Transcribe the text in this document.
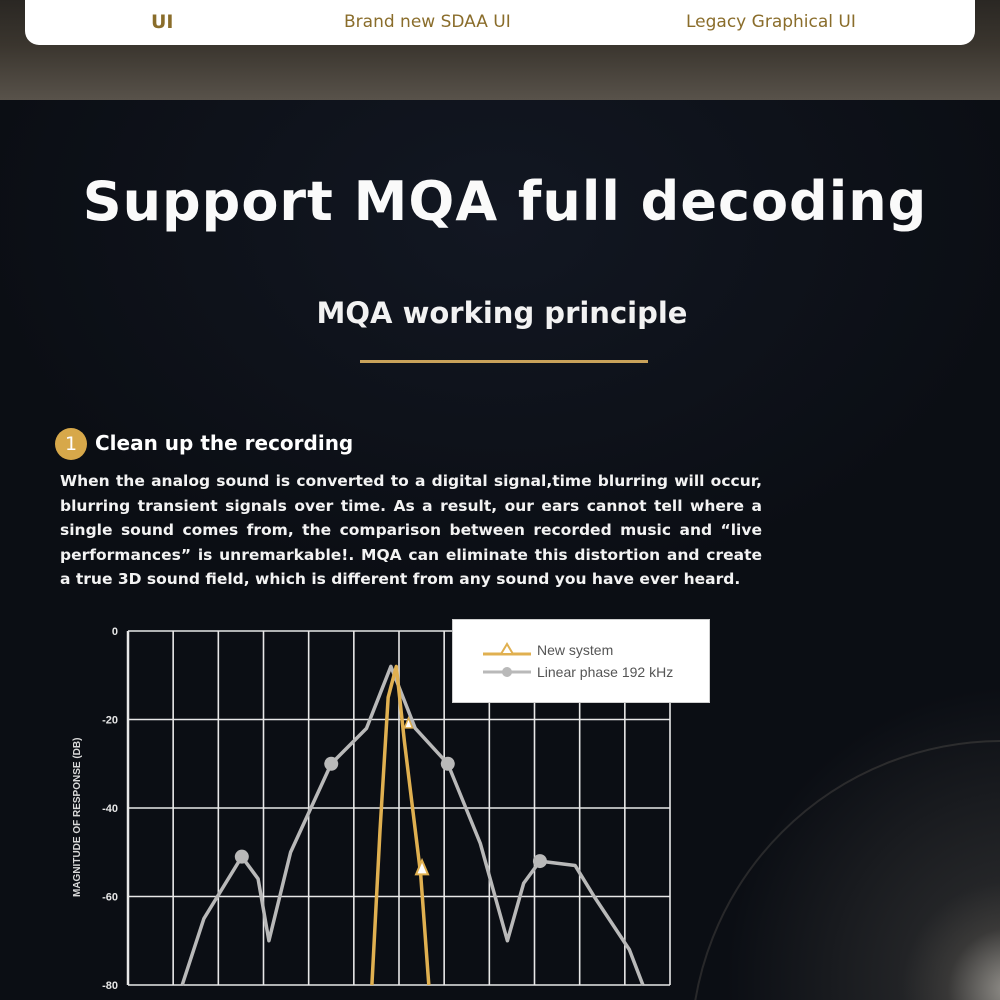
UI	Brand new SDAA UI	Legacy Graphical UI
Support MQA full decoding
MQA working principle
1 Clean up the recording
When the analog sound is converted to a digital signal,time blurring will occur, blurring transient signals over time. As a result, our ears cannot tell where a single sound comes from, the comparison between recorded music and “live performances” is unremarkable!. MQA can eliminate this distortion and create a true 3D sound field, which is different from any sound you have ever heard.
MAGNITUDE OF RESPONSE (DB)
0
-20
-40
-60
-80
New system
Linear phase 192 kHz
